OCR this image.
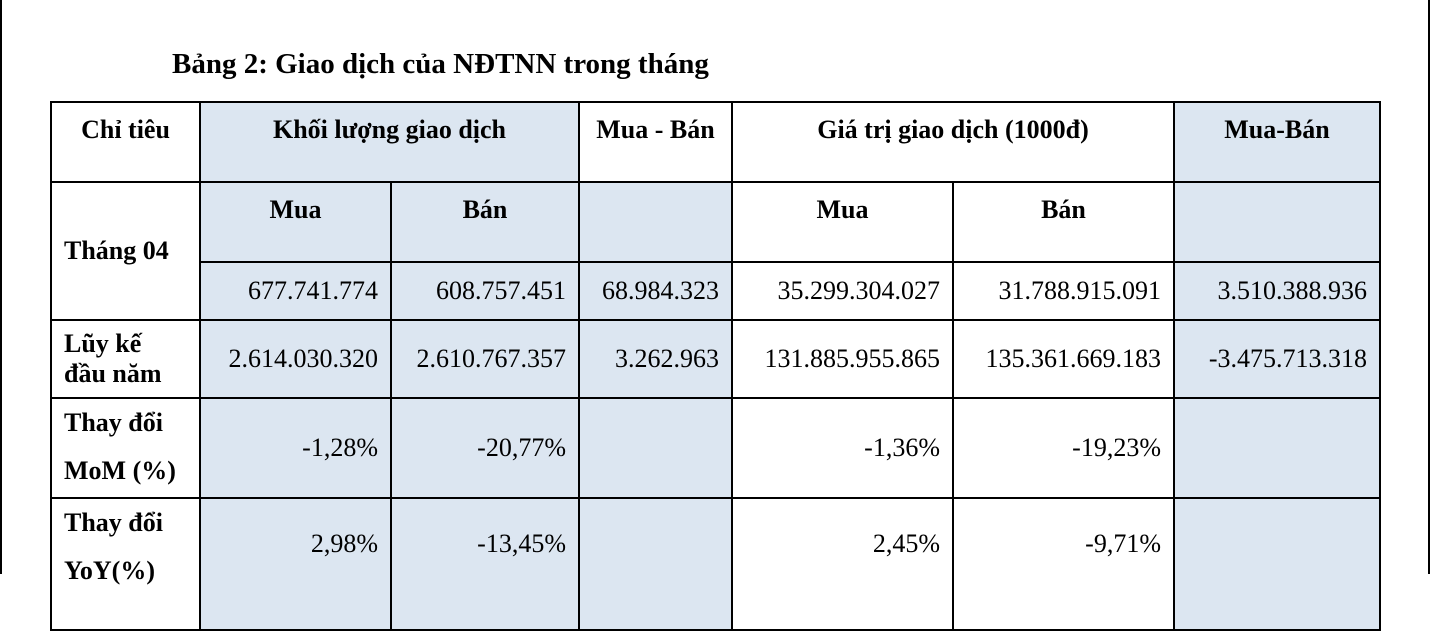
Bảng 2: Giao dịch của NĐTNN trong tháng
Chỉ tiêu	Khối lượng giao dịch		Mua - Bán	Giá trị giao dịch (1000đ)		Mua-Bán
Tháng 04	Mua	Bán		Mua	Bán	
	677.741.774	608.757.451	68.984.323	35.299.304.027	31.788.915.091	3.510.388.936
Lũy kế đầu năm	2.614.030.320	2.610.767.357	3.262.963	131.885.955.865	135.361.669.183	-3.475.713.318
Thay đổi MoM (%)	-1,28%	-20,77%		-1,36%	-19,23%	
Thay đổi YoY(%)	2,98%	-13,45%		2,45%	-9,71%	
